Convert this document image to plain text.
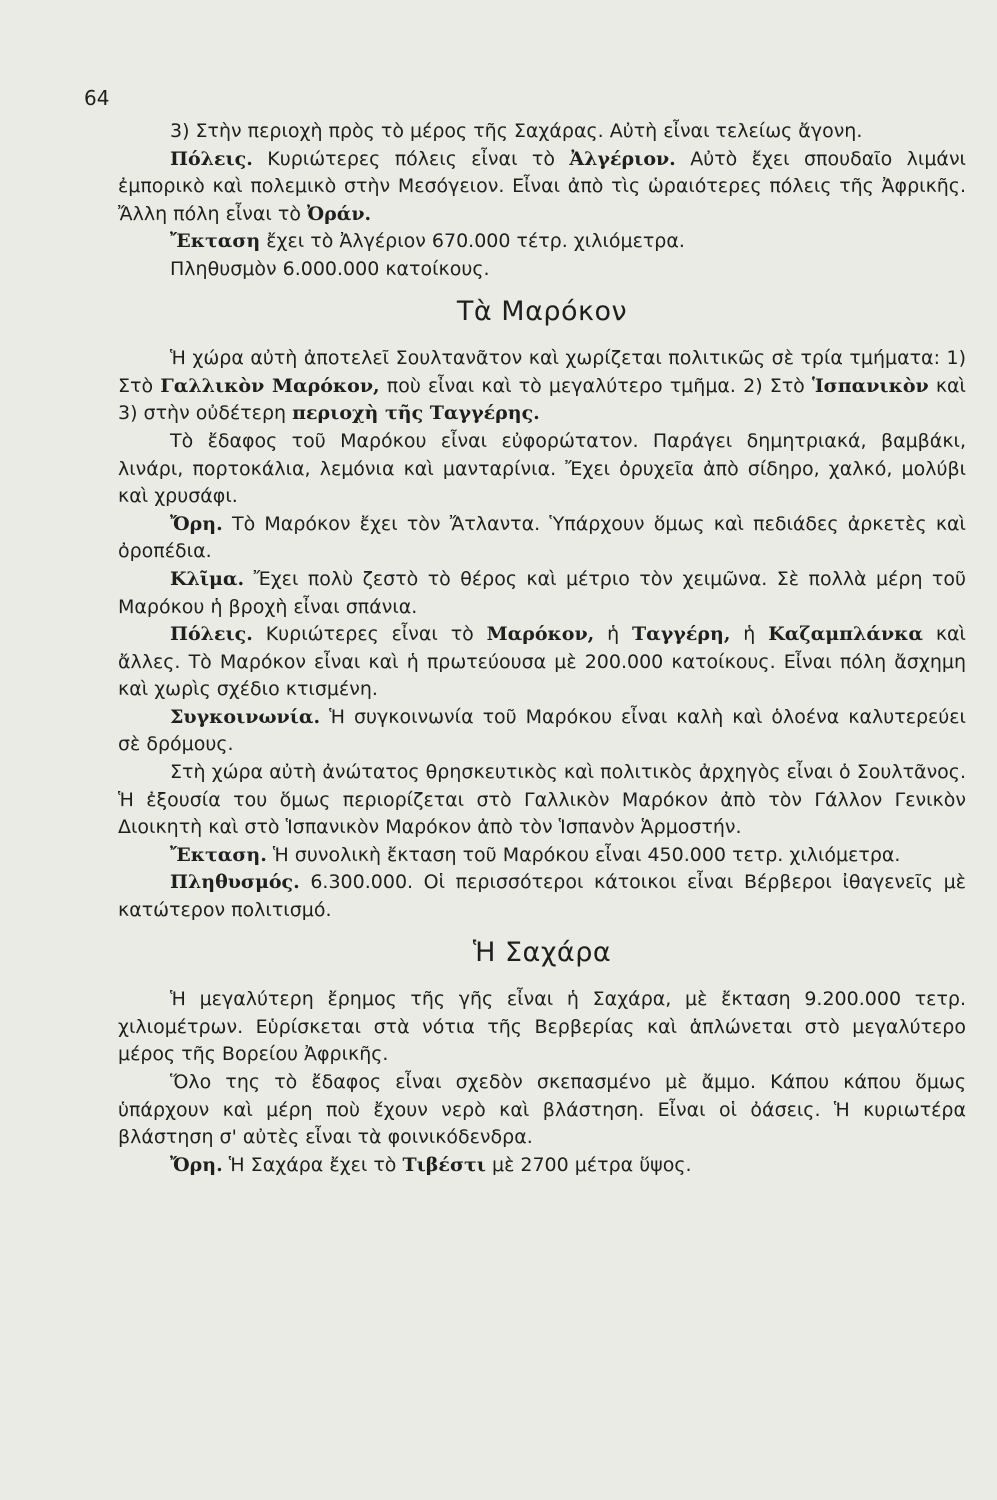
64

3) Στὴν περιοχὴ πρὸς τὸ μέρος τῆς Σαχάρας. Αὐτὴ εἶναι τελείως ἄγονη.

Πόλεις. Κυριώτερες πόλεις εἶναι τὸ Ἀλγέριον. Αὐτὸ ἔχει σπουδαῖο λιμάνι ἐμπορικὸ καὶ πολεμικὸ στὴν Μεσόγειον. Εἶναι ἀπὸ τὶς ὡραιότερες πόλεις τῆς Ἀφρικῆς. Ἄλλη πόλη εἶναι τὸ Ὀράν.

Ἔκταση ἔχει τὸ Ἀλγέριον 670.000 τέτρ. χιλιόμετρα.

Πληθυσμὸν 6.000.000 κατοίκους.

Τὰ Μαρόκον

Ἡ χώρα αὐτὴ ἀποτελεῖ Σουλτανᾶτον καὶ χωρίζεται πολιτικῶς σὲ τρία τμήματα: 1) Στὸ Γαλλικὸν Μαρόκον, ποὺ εἶναι καὶ τὸ μεγαλύτερο τμῆμα. 2) Στὸ Ἱσπανικὸν καὶ 3) στὴν οὐδέτερη περιοχὴ τῆς Ταγγέρης.

Τὸ ἔδαφος τοῦ Μαρόκου εἶναι εὐφορώτατον. Παράγει δημητριακά, βαμβάκι, λινάρι, πορτοκάλια, λεμόνια καὶ μανταρίνια. Ἔχει ὀρυχεῖα ἀπὸ σίδηρο, χαλκό, μολύβι καὶ χρυσάφι.

Ὄρη. Τὸ Μαρόκον ἔχει τὸν Ἄτλαντα. Ὑπάρχουν ὅμως καὶ πεδιάδες ἀρκετὲς καὶ ὀροπέδια.

Κλῖμα. Ἔχει πολὺ ζεστὸ τὸ θέρος καὶ μέτριο τὸν χειμῶνα. Σὲ πολλὰ μέρη τοῦ Μαρόκου ἡ βροχὴ εἶναι σπάνια.

Πόλεις. Κυριώτερες εἶναι τὸ Μαρόκον, ἡ Ταγγέρη, ἡ Καζαμπλάνκα καὶ ἄλλες. Τὸ Μαρόκον εἶναι καὶ ἡ πρωτεύουσα μὲ 200.000 κατοίκους. Εἶναι πόλη ἄσχημη καὶ χωρὶς σχέδιο κτισμένη.

Συγκοινωνία. Ἡ συγκοινωνία τοῦ Μαρόκου εἶναι καλὴ καὶ ὁλοένα καλυτερεύει σὲ δρόμους.

Στὴ χώρα αὐτὴ ἀνώτατος θρησκευτικὸς καὶ πολιτικὸς ἀρχηγὸς εἶναι ὁ Σουλτᾶνος. Ἡ ἐξουσία του ὅμως περιορίζεται στὸ Γαλλικὸν Μαρόκον ἀπὸ τὸν Γάλλον Γενικὸν Διοικητὴ καὶ στὸ Ἱσπανικὸν Μαρόκον ἀπὸ τὸν Ἱσπανὸν Ἁρμοστήν.

Ἔκταση. Ἡ συνολικὴ ἔκταση τοῦ Μαρόκου εἶναι 450.000 τετρ. χιλιόμετρα.

Πληθυσμός. 6.300.000. Οἱ περισσότεροι κάτοικοι εἶναι Βέρβεροι ἰθαγενεῖς μὲ κατώτερον πολιτισμό.

Ἡ Σαχάρα

Ἡ μεγαλύτερη ἔρημος τῆς γῆς εἶναι ἡ Σαχάρα, μὲ ἔκταση 9.200.000 τετρ. χιλιομέτρων. Εὑρίσκεται στὰ νότια τῆς Βερβερίας καὶ ἁπλώνεται στὸ μεγαλύτερο μέρος τῆς Βορείου Ἀφρικῆς.

Ὅλο της τὸ ἔδαφος εἶναι σχεδὸν σκεπασμένο μὲ ἄμμο. Κάπου κάπου ὅμως ὑπάρχουν καὶ μέρη ποὺ ἔχουν νερὸ καὶ βλάστηση. Εἶναι οἱ ὀάσεις. Ἡ κυριωτέρα βλάστηση σ' αὐτὲς εἶναι τὰ φοινικόδενδρα.

Ὄρη. Ἡ Σαχάρα ἔχει τὸ Τιβέστι μὲ 2700 μέτρα ὕψος.
